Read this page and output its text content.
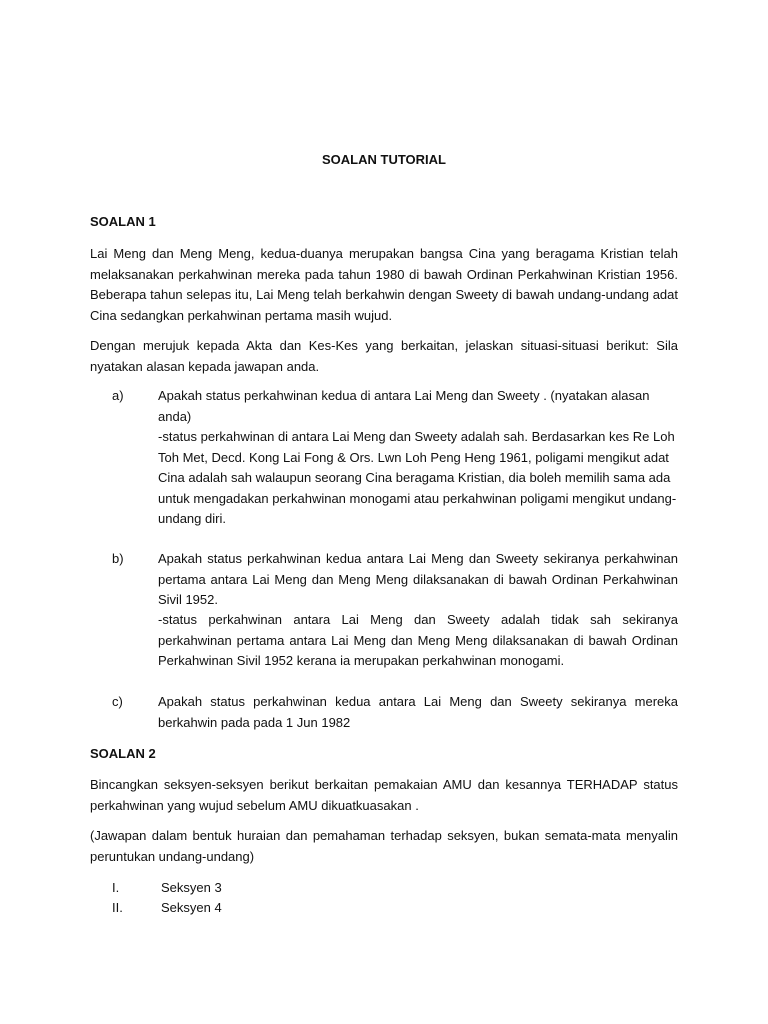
SOALAN TUTORIAL
SOALAN 1
Lai Meng dan Meng Meng, kedua-duanya merupakan bangsa Cina yang beragama Kristian telah melaksanakan perkahwinan mereka pada tahun 1980 di bawah Ordinan Perkahwinan Kristian 1956. Beberapa tahun selepas itu, Lai Meng telah berkahwin dengan Sweety di bawah undang-undang adat Cina sedangkan perkahwinan pertama masih wujud.
Dengan merujuk kepada Akta dan Kes-Kes yang berkaitan, jelaskan situasi-situasi berikut: Sila nyatakan alasan kepada jawapan anda.
a)	Apakah status perkahwinan kedua di antara Lai Meng dan Sweety . (nyatakan alasan anda)
-status perkahwinan di antara Lai Meng dan Sweety adalah sah. Berdasarkan kes Re Loh Toh Met, Decd. Kong Lai Fong & Ors. Lwn Loh Peng Heng 1961, poligami mengikut adat Cina adalah sah walaupun seorang Cina beragama Kristian, dia boleh memilih sama ada untuk mengadakan perkahwinan monogami atau perkahwinan poligami mengikut undang-undang diri.
b)	Apakah status perkahwinan kedua antara Lai Meng dan Sweety sekiranya perkahwinan pertama antara Lai Meng dan Meng Meng dilaksanakan di bawah Ordinan Perkahwinan Sivil 1952.
-status perkahwinan antara Lai Meng dan Sweety adalah tidak sah sekiranya perkahwinan pertama antara Lai Meng dan Meng Meng dilaksanakan di bawah Ordinan Perkahwinan Sivil 1952 kerana ia merupakan perkahwinan monogami.
c)	Apakah status perkahwinan kedua antara Lai Meng dan Sweety sekiranya mereka berkahwin pada pada 1 Jun 1982
SOALAN 2
Bincangkan seksyen-seksyen berikut berkaitan pemakaian AMU dan kesannya TERHADAP status perkahwinan yang wujud sebelum AMU dikuatkuasakan .
(Jawapan dalam bentuk huraian dan pemahaman terhadap seksyen, bukan semata-mata menyalin peruntukan undang-undang)
I.	Seksyen 3
II.	Seksyen 4
